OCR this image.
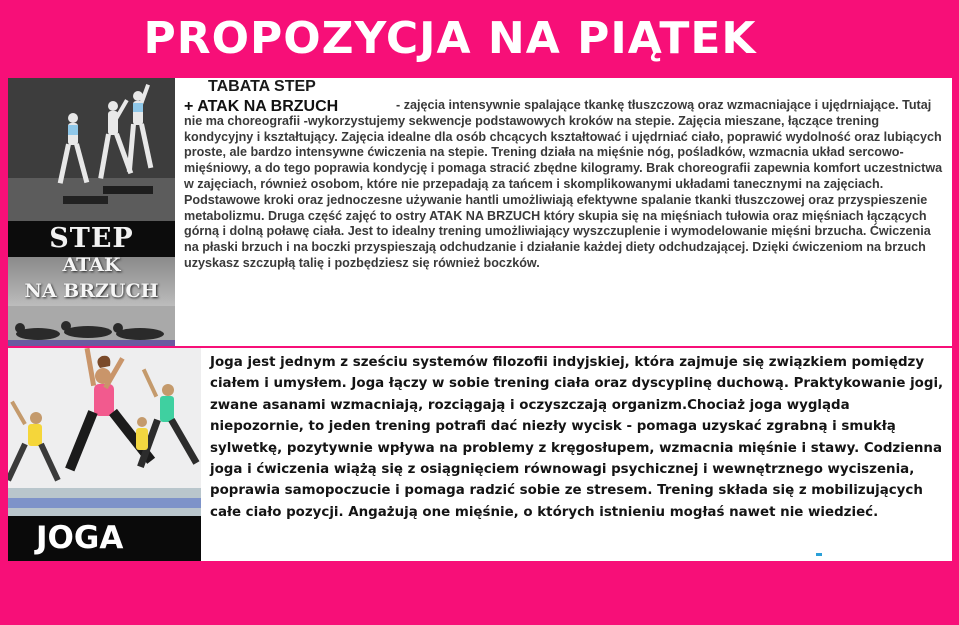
PROPOZYCJA NA PIĄTEK
STEP
ATAK
NA BRZUCH
TABATA STEP
+ ATAK NA BRZUCH	- zajęcia intensywnie spalające tkankę tłuszczową oraz wzmacniające i ujędrniające. Tutaj nie ma choreografii -wykorzystujemy sekwencje podstawowych kroków na stepie. Zajęcia mieszane, łączące trening kondycyjny i kształtujący. Zajęcia idealne dla osób chcących kształtować i ujędrniać ciało, poprawić wydolność oraz lubiących proste, ale bardzo intensywne ćwiczenia na stepie. Trening działa na mięśnie nóg, pośladków, wzmacnia układ sercowo- mięśniowy, a do tego poprawia kondycję i pomaga stracić zbędne kilogramy. Brak choreografii zapewnia komfort uczestnictwa w zajęciach, również osobom, które nie przepadają za tańcem i skomplikowanymi układami tanecznymi na zajęciach. Podstawowe kroki oraz jednoczesne używanie hantli umożliwiają efektywne spalanie tkanki tłuszczowej oraz przyspieszenie metabolizmu. Druga część zajęć to ostry ATAK NA BRZUCH który skupia się na mięśniach tułowia oraz mięśniach łączących górną i dolną poławę ciała. Jest to idealny trening umożliwiający wyszczuplenie i wymodelowanie mięśni brzucha. Ćwiczenia na płaski brzuch i na boczki przyspieszają odchudzanie i działanie każdej diety odchudzającej. Dzięki ćwiczeniom na brzuch uzyskasz szczupłą talię i pozbędziesz się również boczków.
JOGA
Joga jest jednym z sześciu systemów filozofii indyjskiej, która zajmuje się związkiem pomiędzy ciałem i umysłem. Joga łączy w sobie trening ciała oraz dyscyplinę duchową. Praktykowanie jogi, zwane asanami wzmacniają, rozciągają i oczyszczają organizm.Chociaż joga wygląda niepozornie, to jeden trening potrafi dać niezły wycisk - pomaga uzyskać zgrabną i smukłą sylwetkę, pozytywnie wpływa na problemy z kręgosłupem, wzmacnia mięśnie i stawy. Codzienna joga i ćwiczenia wiążą się z osiągnięciem równowagi psychicznej i wewnętrznego wyciszenia, poprawia samopoczucie i pomaga radzić sobie ze stresem. Trening składa się z mobilizujących całe ciało pozycji. Angażują one mięśnie, o których istnieniu mogłaś nawet nie wiedzieć.
